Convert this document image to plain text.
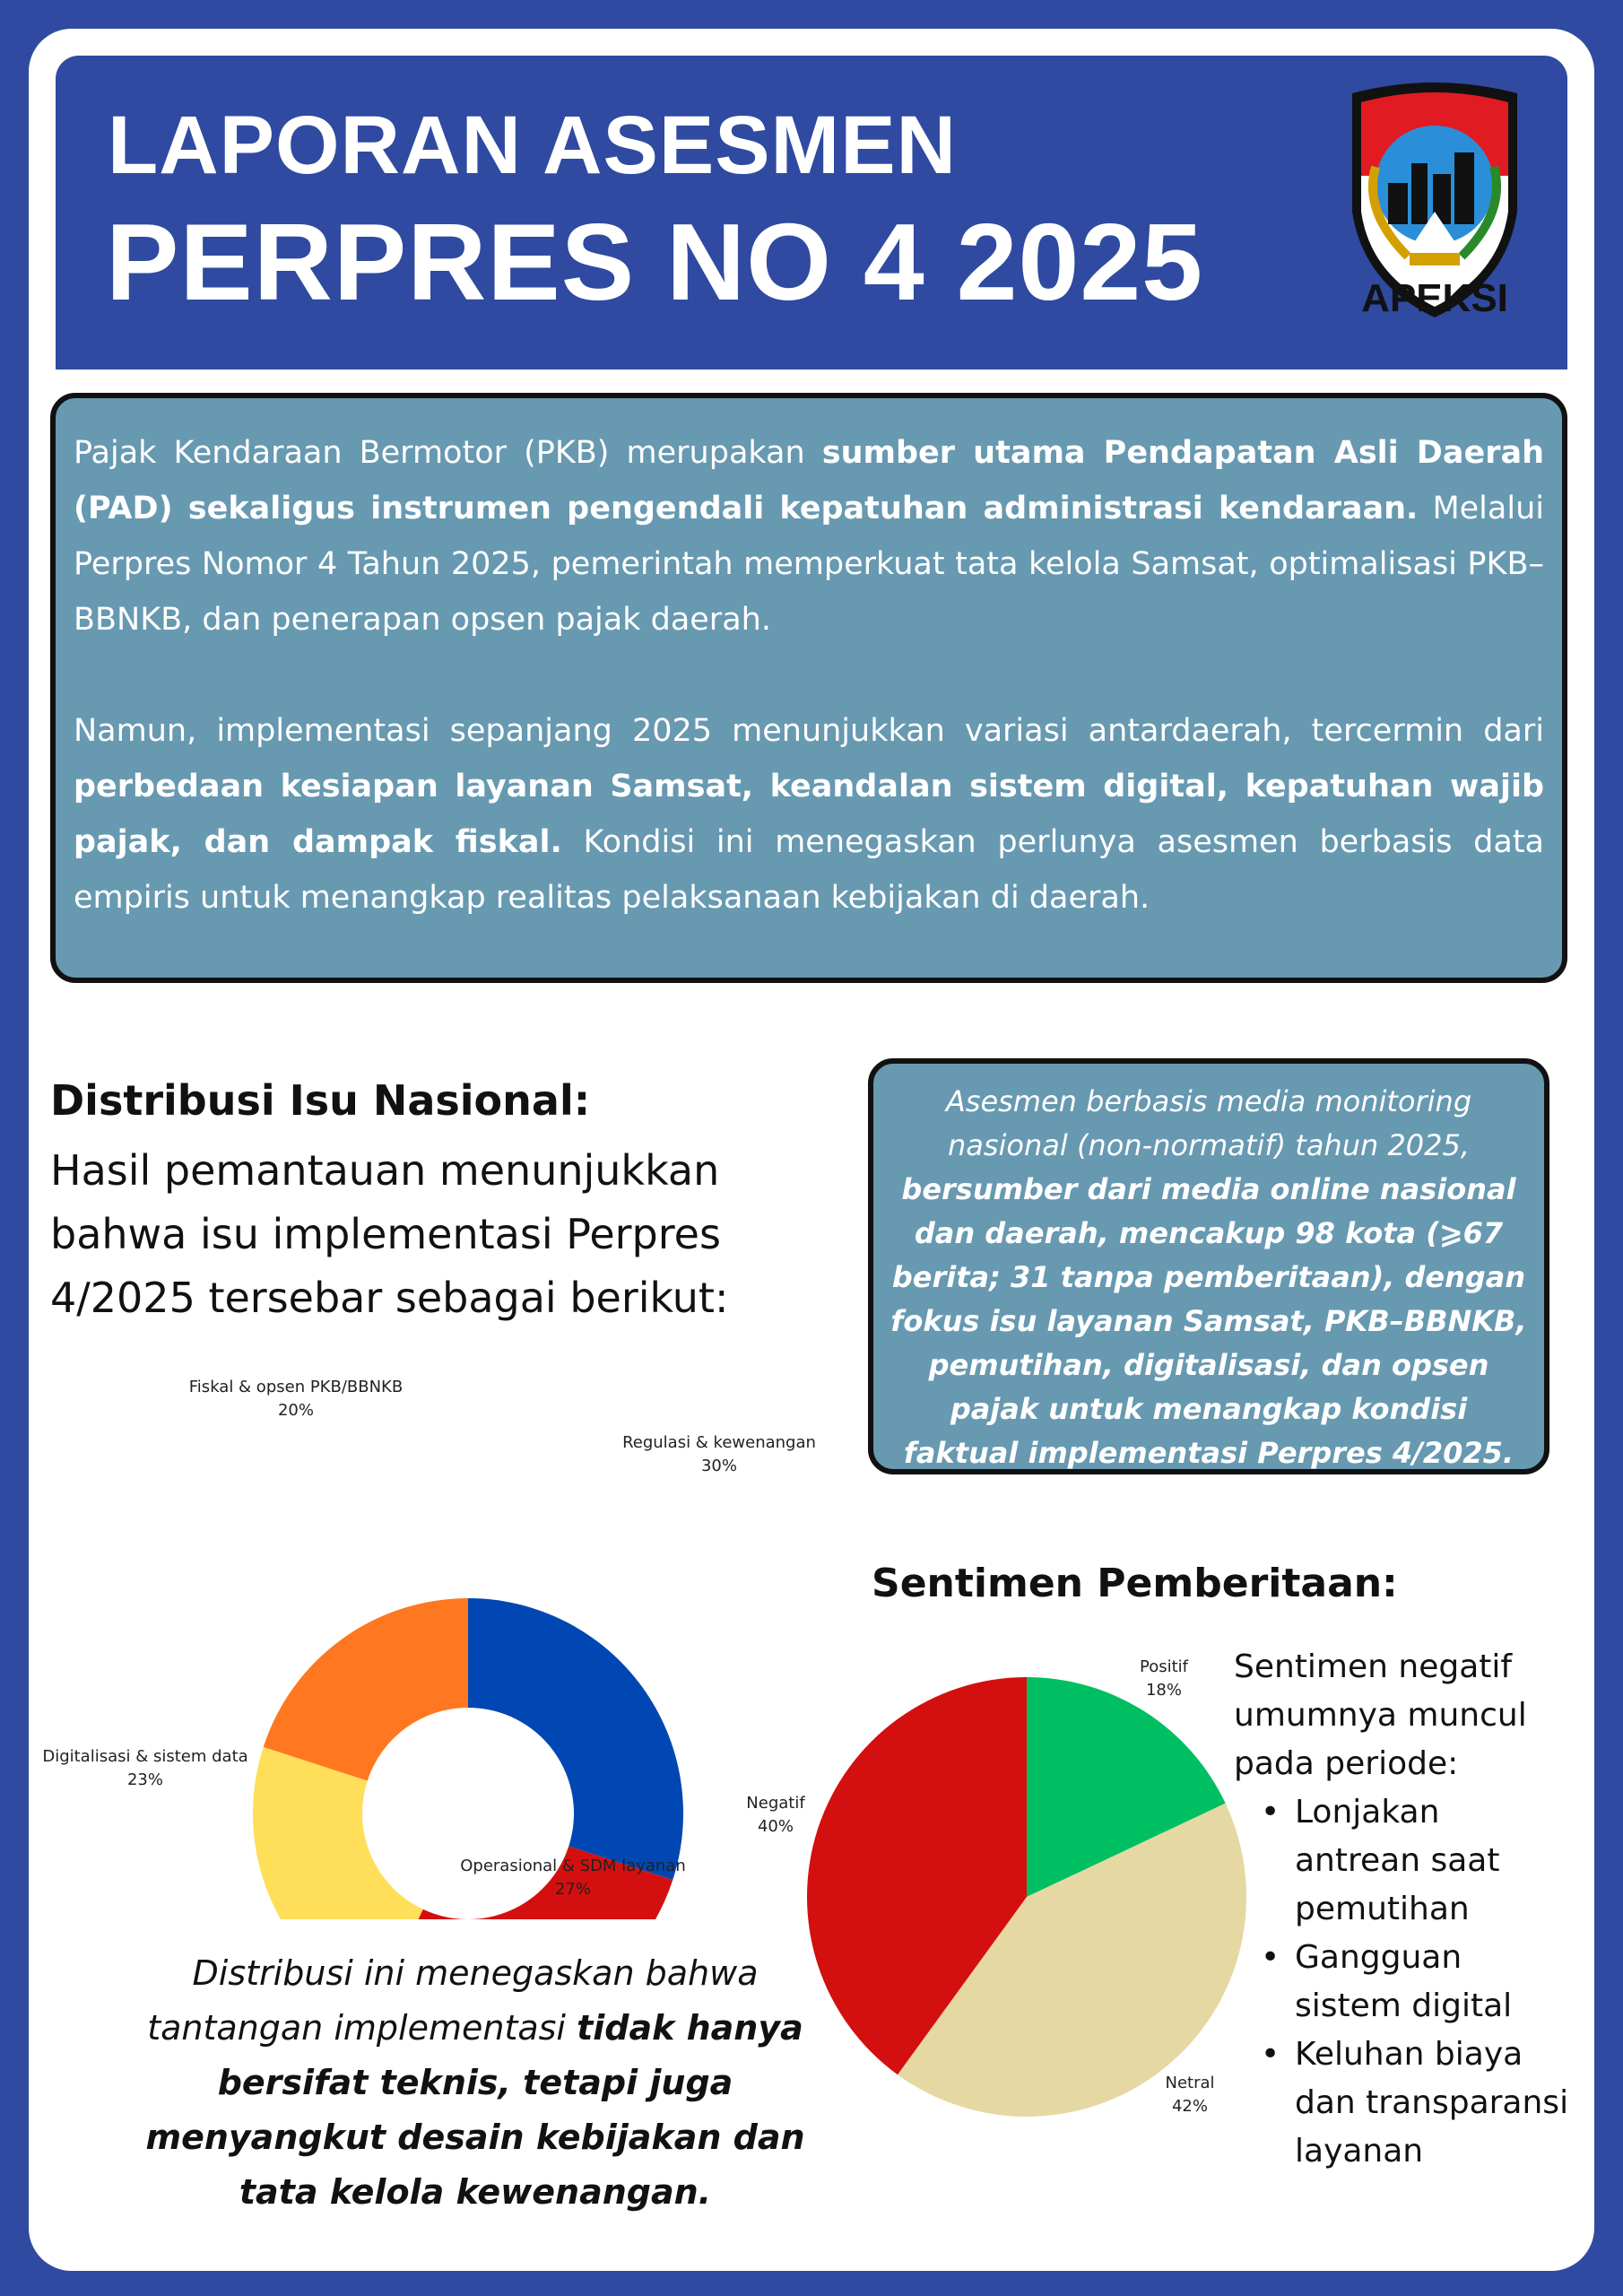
LAPORAN ASESMEN
PERPRES NO 4 2025	APEKSI

Pajak Kendaraan Bermotor (PKB) merupakan sumber utama Pendapatan Asli Daerah (PAD) sekaligus instrumen pengendali kepatuhan administrasi kendaraan. Melalui Perpres Nomor 4 Tahun 2025, pemerintah memperkuat tata kelola Samsat, optimalisasi PKB–BBNKB, dan penerapan opsen pajak daerah.

Namun, implementasi sepanjang 2025 menunjukkan variasi antardaerah, tercermin dari perbedaan kesiapan layanan Samsat, keandalan sistem digital, kepatuhan wajib pajak, dan dampak fiskal. Kondisi ini menegaskan perlunya asesmen berbasis data empiris untuk menangkap realitas pelaksanaan kebijakan di daerah.

Distribusi Isu Nasional:
Hasil pemantauan menunjukkan bahwa isu implementasi Perpres 4/2025 tersebar sebagai berikut:
Asesmen berbasis media monitoring nasional (non-normatif) tahun 2025, bersumber dari media online nasional dan daerah, mencakup 98 kota (⩾67 berita; 31 tanpa pemberitaan), dengan fokus isu layanan Samsat, PKB–BBNKB, pemutihan, digitalisasi, dan opsen pajak untuk menangkap kondisi faktual implementasi Perpres 4/2025.
Regulasi & kewenangan
30%
Operasional & SDM layanan
27%
Digitalisasi & sistem data
23%
Fiskal & opsen PKB/BBNKB
20%
Sentimen Pemberitaan:
Positif
18%
Netral
42%
Negatif
40%
Sentimen negatif umumnya muncul pada periode:
• Lonjakan antrean saat pemutihan
• Gangguan sistem digital
• Keluhan biaya dan transparansi layanan
Distribusi ini menegaskan bahwa tantangan implementasi tidak hanya bersifat teknis, tetapi juga menyangkut desain kebijakan dan tata kelola kewenangan.
